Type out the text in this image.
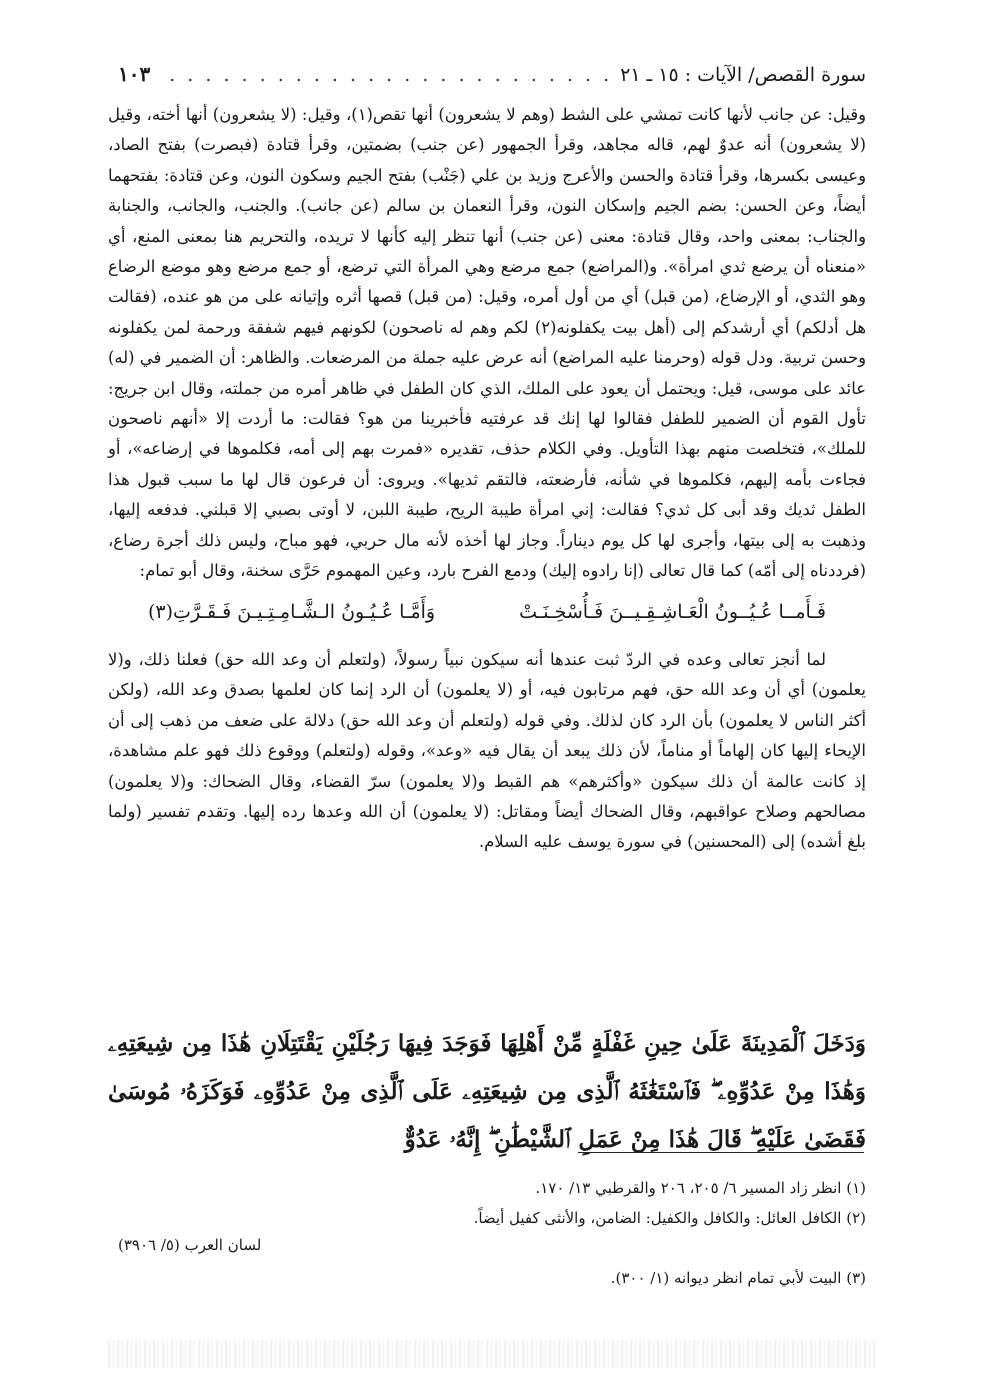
سورة القصص/ الآيات : ١٥ ـ ٢١
. . .
١٠٣

وقيل: عن جانب لأنها كانت تمشي على الشط (وهم لا يشعرون) أنها تقص(١)، وقيل: (لا يشعرون) أنها أخته، وقيل (لا يشعرون) أنه عدوٌ لهم، قاله مجاهد، وقرأ الجمهور (عن جنب) بضمتين، وقرأ قتادة (فبصرت) بفتح الصاد، وعيسى بكسرها، وقرأ قتادة والحسن والأعرج وزيد بن علي (جَنْب) بفتح الجيم وسكون النون، وعن قتادة: بفتحهما أيضاً، وعن الحسن: بضم الجيم وإسكان النون، وقرأ النعمان بن سالم (عن جانب). والجنب، والجانب، والجنابة والجناب: بمعنى واحد، وقال قتادة: معنى (عن جنب) أنها تنظر إليه كأنها لا تريده، والتحريم هنا بمعنى المنع، أي «منعناه أن يرضع ثدي امرأة». و(المراضع) جمع مرضع وهي المرأة التي ترضع، أو جمع مرضع وهو موضع الرضاع وهو الثدي، أو الإرضاع، (من قبل) أي من أول أمره، وقيل: (من قبل) قصها أثره وإتيانه على من هو عنده، (فقالت هل أدلكم) أي أرشدكم إلى (أهل بيت يكفلونه(٢) لكم وهم له ناصحون) لكونهم فيهم شفقة ورحمة لمن يكفلونه وحسن تربية. ودل قوله (وحرمنا عليه المراضع) أنه عرض عليه جملة من المرضعات. والظاهر: أن الضمير في (له) عائد على موسى، قيل: ويحتمل أن يعود على الملك، الذي كان الطفل في ظاهر أمره من جملته، وقال ابن جريج: تأول القوم أن الضمير للطفل فقالوا لها إنك قد عرفتيه فأخبرينا من هو؟ فقالت: ما أردت إلا «أنهم ناصحون للملك»، فتخلصت منهم بهذا التأويل. وفي الكلام حذف، تقديره «فمرت بهم إلى أمه، فكلموها في إرضاعه»، أو فجاءت بأمه إليهم، فكلموها في شأنه، فأرضعته، فالتقم ثديها». ويروى: أن فرعون قال لها ما سبب قبول هذا الطفل ثديك وقد أبى كل ثدي؟ فقالت: إني امرأة طيبة الريح، طيبة اللبن، لا أوتى بصبي إلا قبلني. فدفعه إليها، وذهبت به إلى بيتها، وأجرى لها كل يوم ديناراً. وجاز لها أخذه لأنه مال حربي، فهو مباح، وليس ذلك أجرة رضاع، (فرددناه إلى أمّه) كما قال تعالى (إنا رادوه إليك) ودمع الفرح بارد، وعين المهموم حَرَّى سخنة، وقال أبو تمام:

فَـأَمــا عُـيُــونُ الْعَـاشِـقِـيــنَ فَـأُسْخِـنَـتْ
وَأَمَّـا عُـيُـونُ الـشَّـامِـتِـيـنَ فَـقَـرَّتِ(٣)

لما أنجز تعالى وعده في الردّ ثبت عندها أنه سيكون نبياً رسولاً، (ولتعلم أن وعد الله حق) فعلنا ذلك، و(لا يعلمون) أي أن وعد الله حق، فهم مرتابون فيه، أو (لا يعلمون) أن الرد إنما كان لعلمها بصدق وعد الله، (ولكن أكثر الناس لا يعلمون) بأن الرد كان لذلك. وفي قوله (ولتعلم أن وعد الله حق) دلالة على ضعف من ذهب إلى أن الإيحاء إليها كان إلهاماً أو مناماً، لأن ذلك يبعد أن يقال فيه «وعد»، وقوله (ولتعلم) ووقوع ذلك فهو علم مشاهدة، إذ كانت عالمة أن ذلك سيكون «وأكثرهم» هم القبط و(لا يعلمون) سرّ القضاء، وقال الضحاك: و(لا يعلمون) مصالحهم وصلاح عواقبهم، وقال الضحاك أيضاً ومقاتل: (لا يعلمون) أن الله وعدها رده إليها. وتقدم تفسير (ولما بلغ أشده) إلى (المحسنين) في سورة يوسف عليه السلام.

وَدَخَلَ ٱلْمَدِينَةَ عَلَىٰ حِينِ غَفْلَةٍ مِّنْ أَهْلِهَا فَوَجَدَ فِيهَا رَجُلَيْنِ يَقْتَتِلَانِ هَٰذَا مِن شِيعَتِهِۦ وَهَٰذَا مِنْ عَدُوِّهِۦ ۖ فَٱسْتَغَٰثَهُ ٱلَّذِى مِن شِيعَتِهِۦ عَلَى ٱلَّذِى مِنْ عَدُوِّهِۦ فَوَكَزَهُۥ مُوسَىٰ فَقَضَىٰ عَلَيْهِ ۖ قَالَ هَٰذَا مِنْ عَمَلِ ٱلشَّيْطَٰنِ ۖ إِنَّهُۥ عَدُوٌّ

(١) انظر زاد المسير ٦/ ٢٠٥، ٢٠٦ والقرطبي ١٣/ ١٧٠.

(٢) الكافل العائل: والكافل والكفيل: الضامن، والأنثى كفيل أيضاً.

لسان العرب (٥/ ٣٩٠٦)

(٣) البيت لأبي تمام انظر ديوانه (١/ ٣٠٠).
